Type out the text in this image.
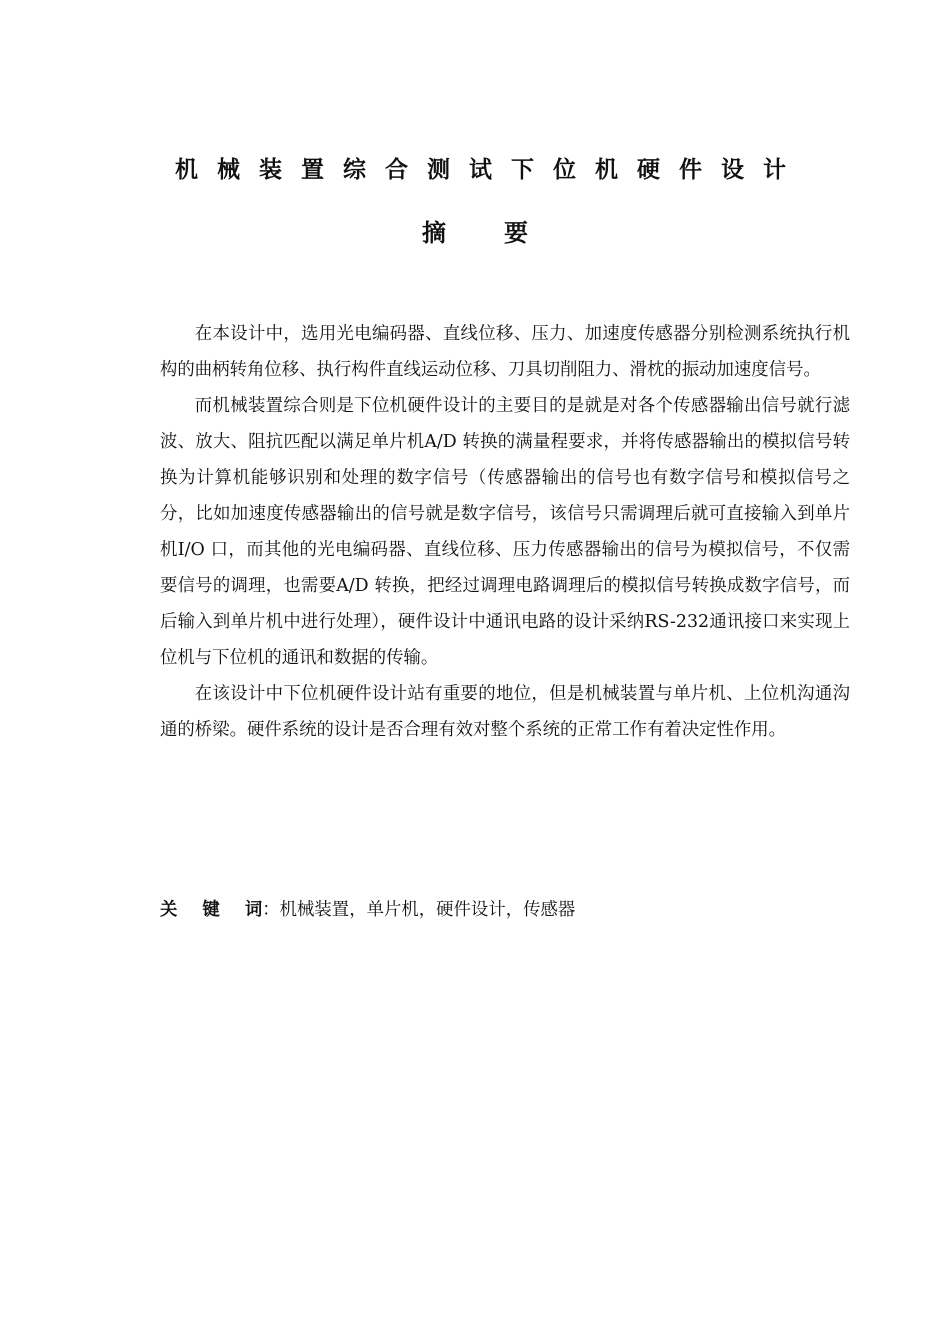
机械装置综合测试下位机硬件设计
摘 要

在本设计中，选用光电编码器、直线位移、压力、加速度传感器分别检测系统执行机构的曲柄转角位移、执行构件直线运动位移、刀具切削阻力、滑枕的振动加速度信号。

而机械装置综合则是下位机硬件设计的主要目的是就是对各个传感器输出信号就行滤波、放大、阻抗匹配以满足单片机A/D 转换的满量程要求，并将传感器输出的模拟信号转换为计算机能够识别和处理的数字信号（传感器输出的信号也有数字信号和模拟信号之分，比如加速度传感器输出的信号就是数字信号，该信号只需调理后就可直接输入到单片机I/O 口，而其他的光电编码器、直线位移、压力传感器输出的信号为模拟信号，不仅需要信号的调理，也需要A/D 转换，把经过调理电路调理后的模拟信号转换成数字信号，而后输入到单片机中进行处理），硬件设计中通讯电路的设计采纳RS-232通讯接口来实现上位机与下位机的通讯和数据的传输。

在该设计中下位机硬件设计站有重要的地位，但是机械装置与单片机、上位机沟通沟通的桥梁。硬件系统的设计是否合理有效对整个系统的正常工作有着决定性作用。

关 键 词：机械装置，单片机，硬件设计，传感器
